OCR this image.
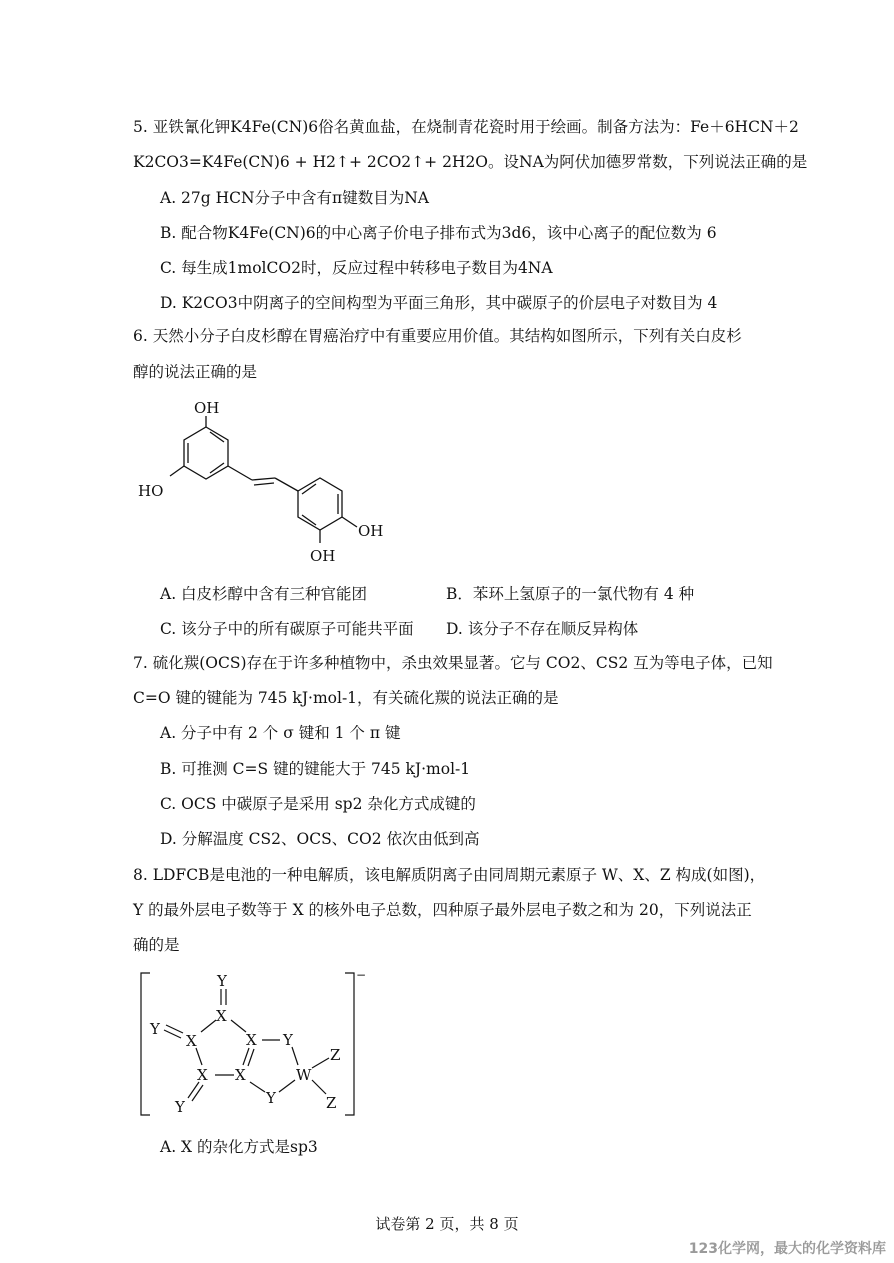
5. 亚铁氰化钾K4Fe(CN)6俗名黄血盐，在烧制青花瓷时用于绘画。制备方法为：Fe＋6HCN＋2
K2CO3=K4Fe(CN)6 + H2↑+ 2CO2↑+ 2H2O。设NA为阿伏加德罗常数，下列说法正确的是
A. 27g HCN分子中含有π键数目为NA
B. 配合物K4Fe(CN)6的中心离子价电子排布式为3d6，该中心离子的配位数为 6
C. 每生成1molCO2时，反应过程中转移电子数目为4NA
D. K2CO3中阴离子的空间构型为平面三角形，其中碳原子的价层电子对数目为 4
6. 天然小分子白皮杉醇在胃癌治疗中有重要应用价值。其结构如图所示，下列有关白皮杉
醇的说法正确的是
OH
HO
OH
OH
A. 白皮杉醇中含有三种官能团	B．苯环上氢原子的一氯代物有 4 种
C. 该分子中的所有碳原子可能共平面 D. 该分子不存在顺反异构体
7. 硫化羰(OCS)存在于许多种植物中，杀虫效果显著。它与 CO2、CS2 互为等电子体，已知
C=O 键的键能为 745 kJ·mol-1，有关硫化羰的说法正确的是
A. 分子中有 2 个 σ 键和 1 个 π 键
B. 可推测 C=S 键的键能大于 745 kJ·mol-1
C. OCS 中碳原子是采用 sp2 杂化方式成键的
D. 分解温度 CS2、OCS、CO2 依次由低到高
8. LDFCB是电池的一种电解质，该电解质阴离子由同周期元素原子 W、X、Z 构成(如图)，
Y 的最外层电子数等于 X 的核外电子总数，四种原子最外层电子数之和为 20，下列说法正
确的是
Y
X
Y
X	X Y
X X	W
Z
Z
Y
Y
−
A. X 的杂化方式是sp3
试卷第 2 页，共 8 页
123化学网，最大的化学资料库
